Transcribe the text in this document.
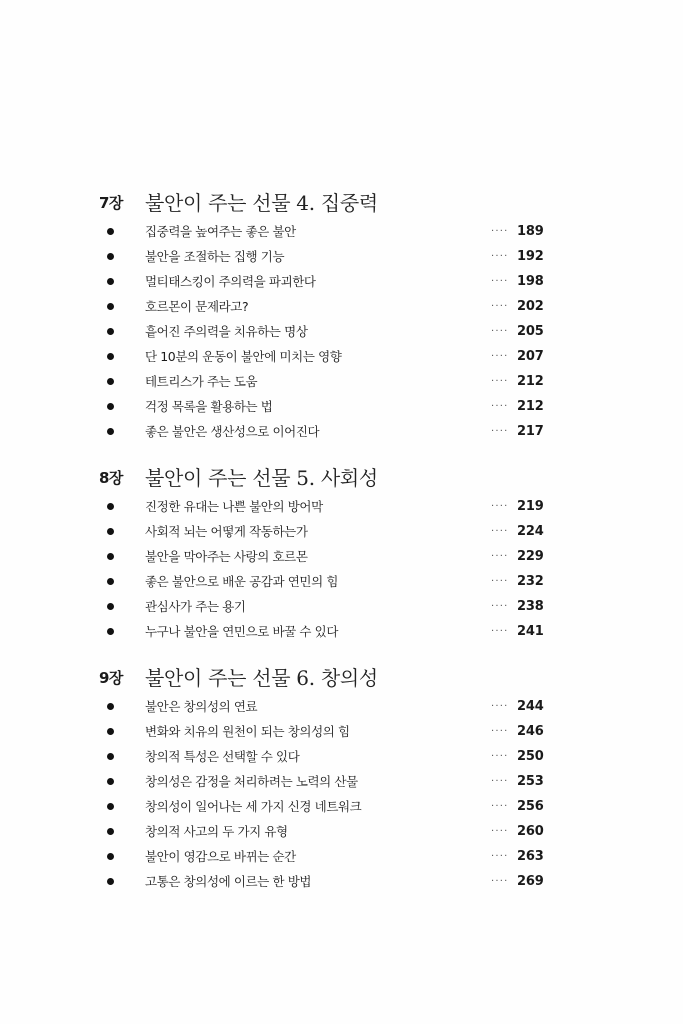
7장 불안이 주는 선물 4. 집중력
집중력을 높여주는 좋은 불안	···· 189
불안을 조절하는 집행 기능	···· 192
멀티태스킹이 주의력을 파괴한다	···· 198
호르몬이 문제라고?	···· 202
흩어진 주의력을 치유하는 명상	···· 205
단 10분의 운동이 불안에 미치는 영향	···· 207
테트리스가 주는 도움	···· 212
걱정 목록을 활용하는 법	···· 212
좋은 불안은 생산성으로 이어진다	···· 217
8장 불안이 주는 선물 5. 사회성
진정한 유대는 나쁜 불안의 방어막	···· 219
사회적 뇌는 어떻게 작동하는가	···· 224
불안을 막아주는 사랑의 호르몬	···· 229
좋은 불안으로 배운 공감과 연민의 힘	···· 232
관심사가 주는 용기	···· 238
누구나 불안을 연민으로 바꿀 수 있다	···· 241
9장 불안이 주는 선물 6. 창의성
불안은 창의성의 연료	···· 244
변화와 치유의 원천이 되는 창의성의 힘	···· 246
창의적 특성은 선택할 수 있다	···· 250
창의성은 감정을 처리하려는 노력의 산물	···· 253
창의성이 일어나는 세 가지 신경 네트워크	···· 256
창의적 사고의 두 가지 유형	···· 260
불안이 영감으로 바뀌는 순간	···· 263
고통은 창의성에 이르는 한 방법	···· 269
